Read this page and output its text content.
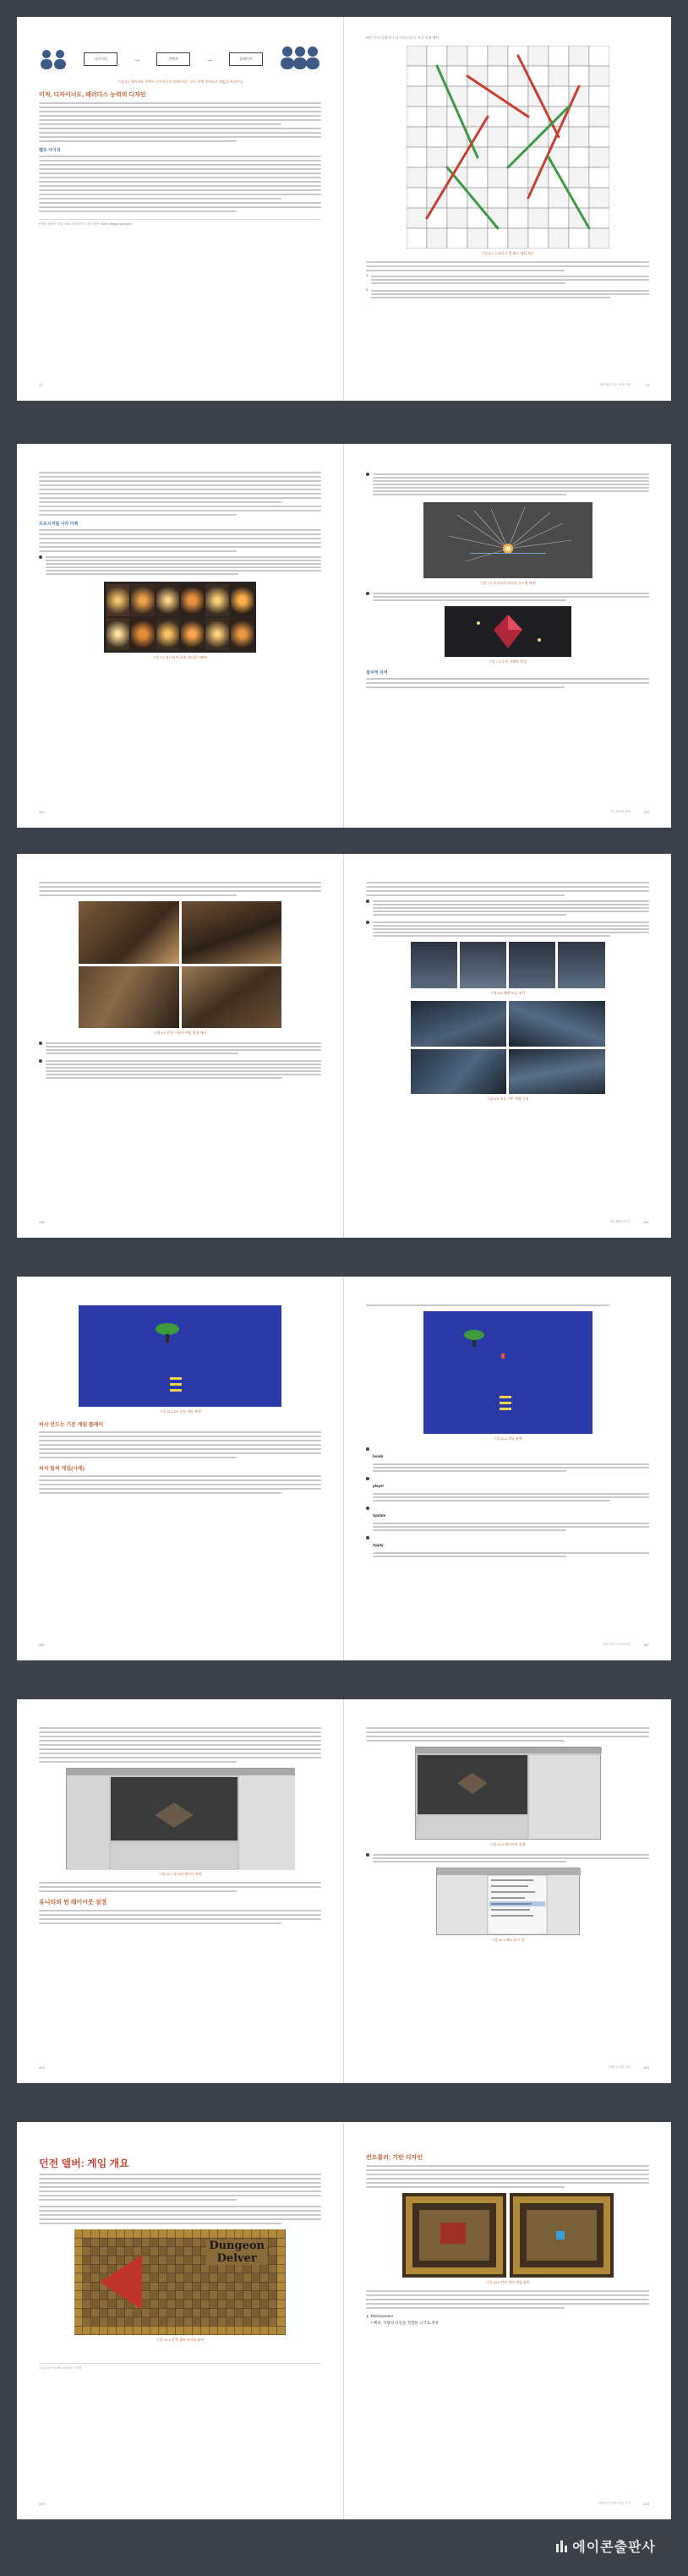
디자이너	→	콘텐츠	→	플레이어
그림 3-1 데이터와 콘텐츠 디자이너의 플레이어는 모든 단계 정적으로 게임을 바라본다
미적, 디자이너도, 패러다스 능력의 디자인
벨트 사이의
8 게임 플레이 경험, 2021 데이터의 디자인 원칙 Game Design Approach
72
패턴 이어 플레이어 한 턴에 디자인 여섯 번째 패턴
그림 3-2 스네이크 앤 래더 게임 보드
1
2
3장 게임 의도 대상 이해	73
프로시저럴 시각 이펙
그림 7-1 유니티의 폭발 파티클 이펙트
232
그림 7-2 유니티의 파티클 시스템 예제
그림 7-3 루비 이펙트 편집
절차적 지역
7장 절차적 생성	233
그림 9-1 던전 크롤러 게임 환경 예시
296
그림 9-2 레벨 모듈 조각
그림 9-3 모듈 기반 레벨 구성
9장 레벨 디자인	297
그림 11-1 2D 슈팅 게임 예제
씨샤 만드는 기본 게임 플레이
씨샤 팀의 게임(사케)
386
그림 11-2 게임 장면
bomb
player
Update
Apply
11장 게임 프로토타입	387
그림 12-1 유니티 에디터 화면
유니티의 윈 레이아웃 설정
402
그림 12-2 레이아웃 설정
그림 12-3 메뉴 표시 창
12장 유니티 기초	403
던전 델버: 게임 개요
Dungeon
Delver
그림 13-1 던전 델버 타이틀 화면
1 유니티 프로젝트 다운로드 안내
412
컨트롤러: 기반 디자인
그림 13-2 던전 델버 게임 화면
1. TileGenerator
• 배치: 지형의 타일을 적절한 크기로 생성
13장 던전 델버 게임 구조	413
에이콘출판사
